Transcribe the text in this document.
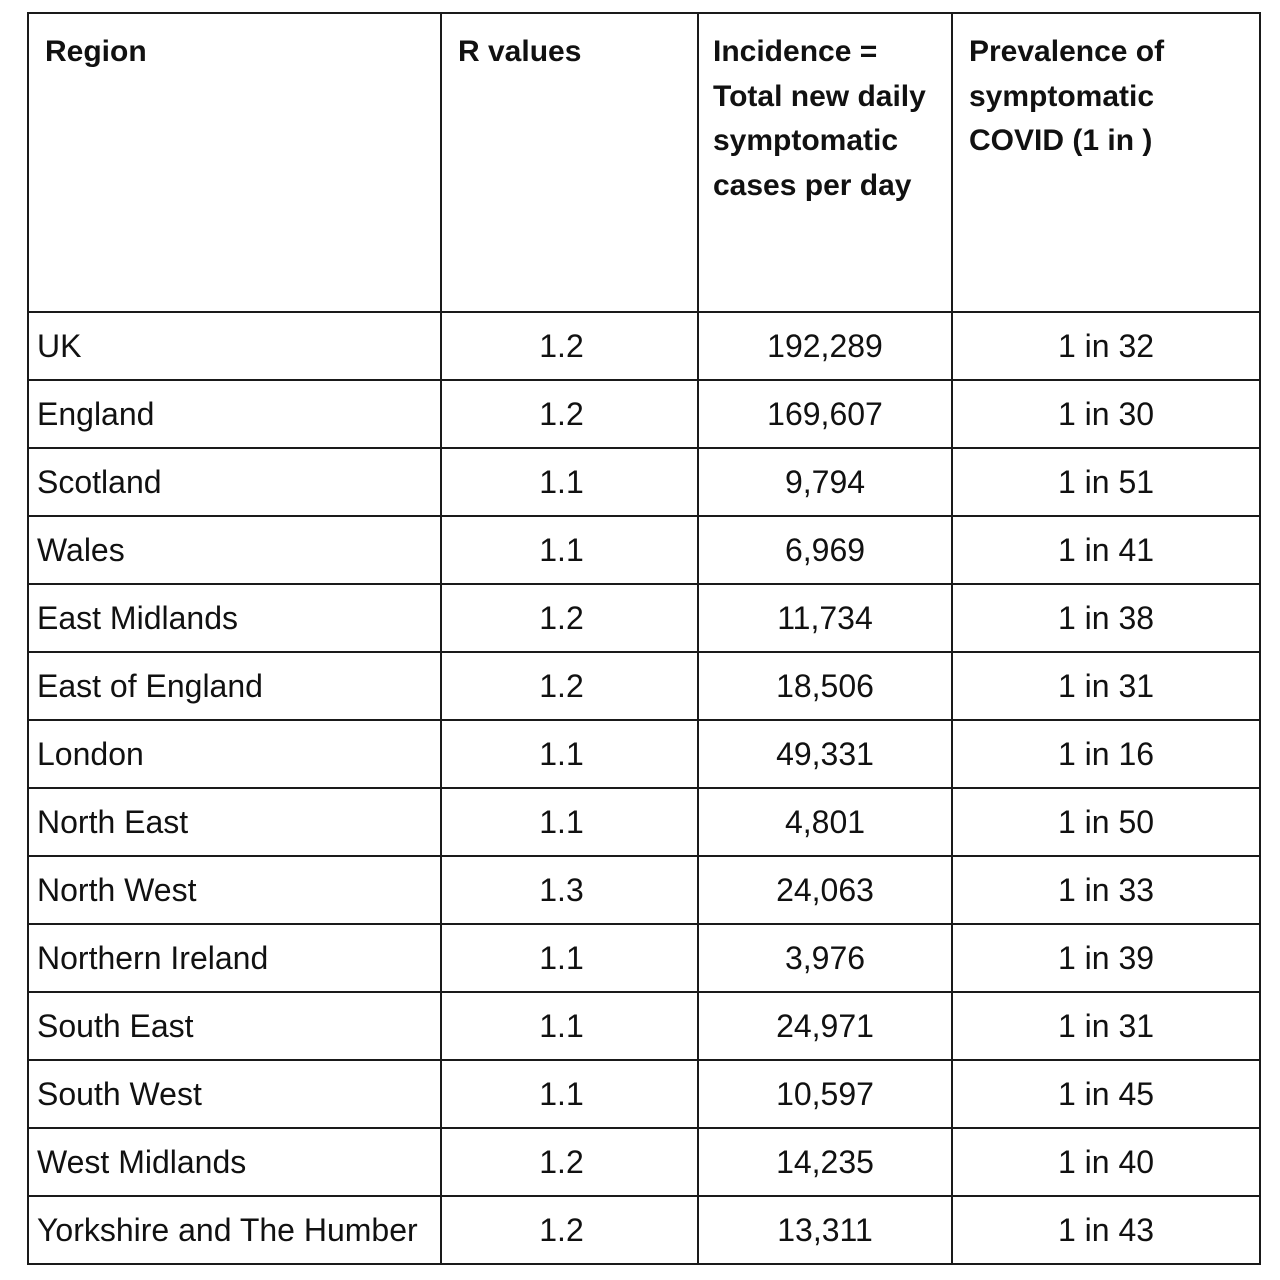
Region	R values	Incidence = Total new daily symptomatic cases per day	Prevalence of symptomatic COVID (1 in )
UK	1.2	192,289	1 in 32
England	1.2	169,607	1 in 30
Scotland	1.1	9,794	1 in 51
Wales	1.1	6,969	1 in 41
East Midlands	1.2	11,734	1 in 38
East of England	1.2	18,506	1 in 31
London	1.1	49,331	1 in 16
North East	1.1	4,801	1 in 50
North West	1.3	24,063	1 in 33
Northern Ireland	1.1	3,976	1 in 39
South East	1.1	24,971	1 in 31
South West	1.1	10,597	1 in 45
West Midlands	1.2	14,235	1 in 40
Yorkshire and The Humber	1.2	13,311	1 in 43
